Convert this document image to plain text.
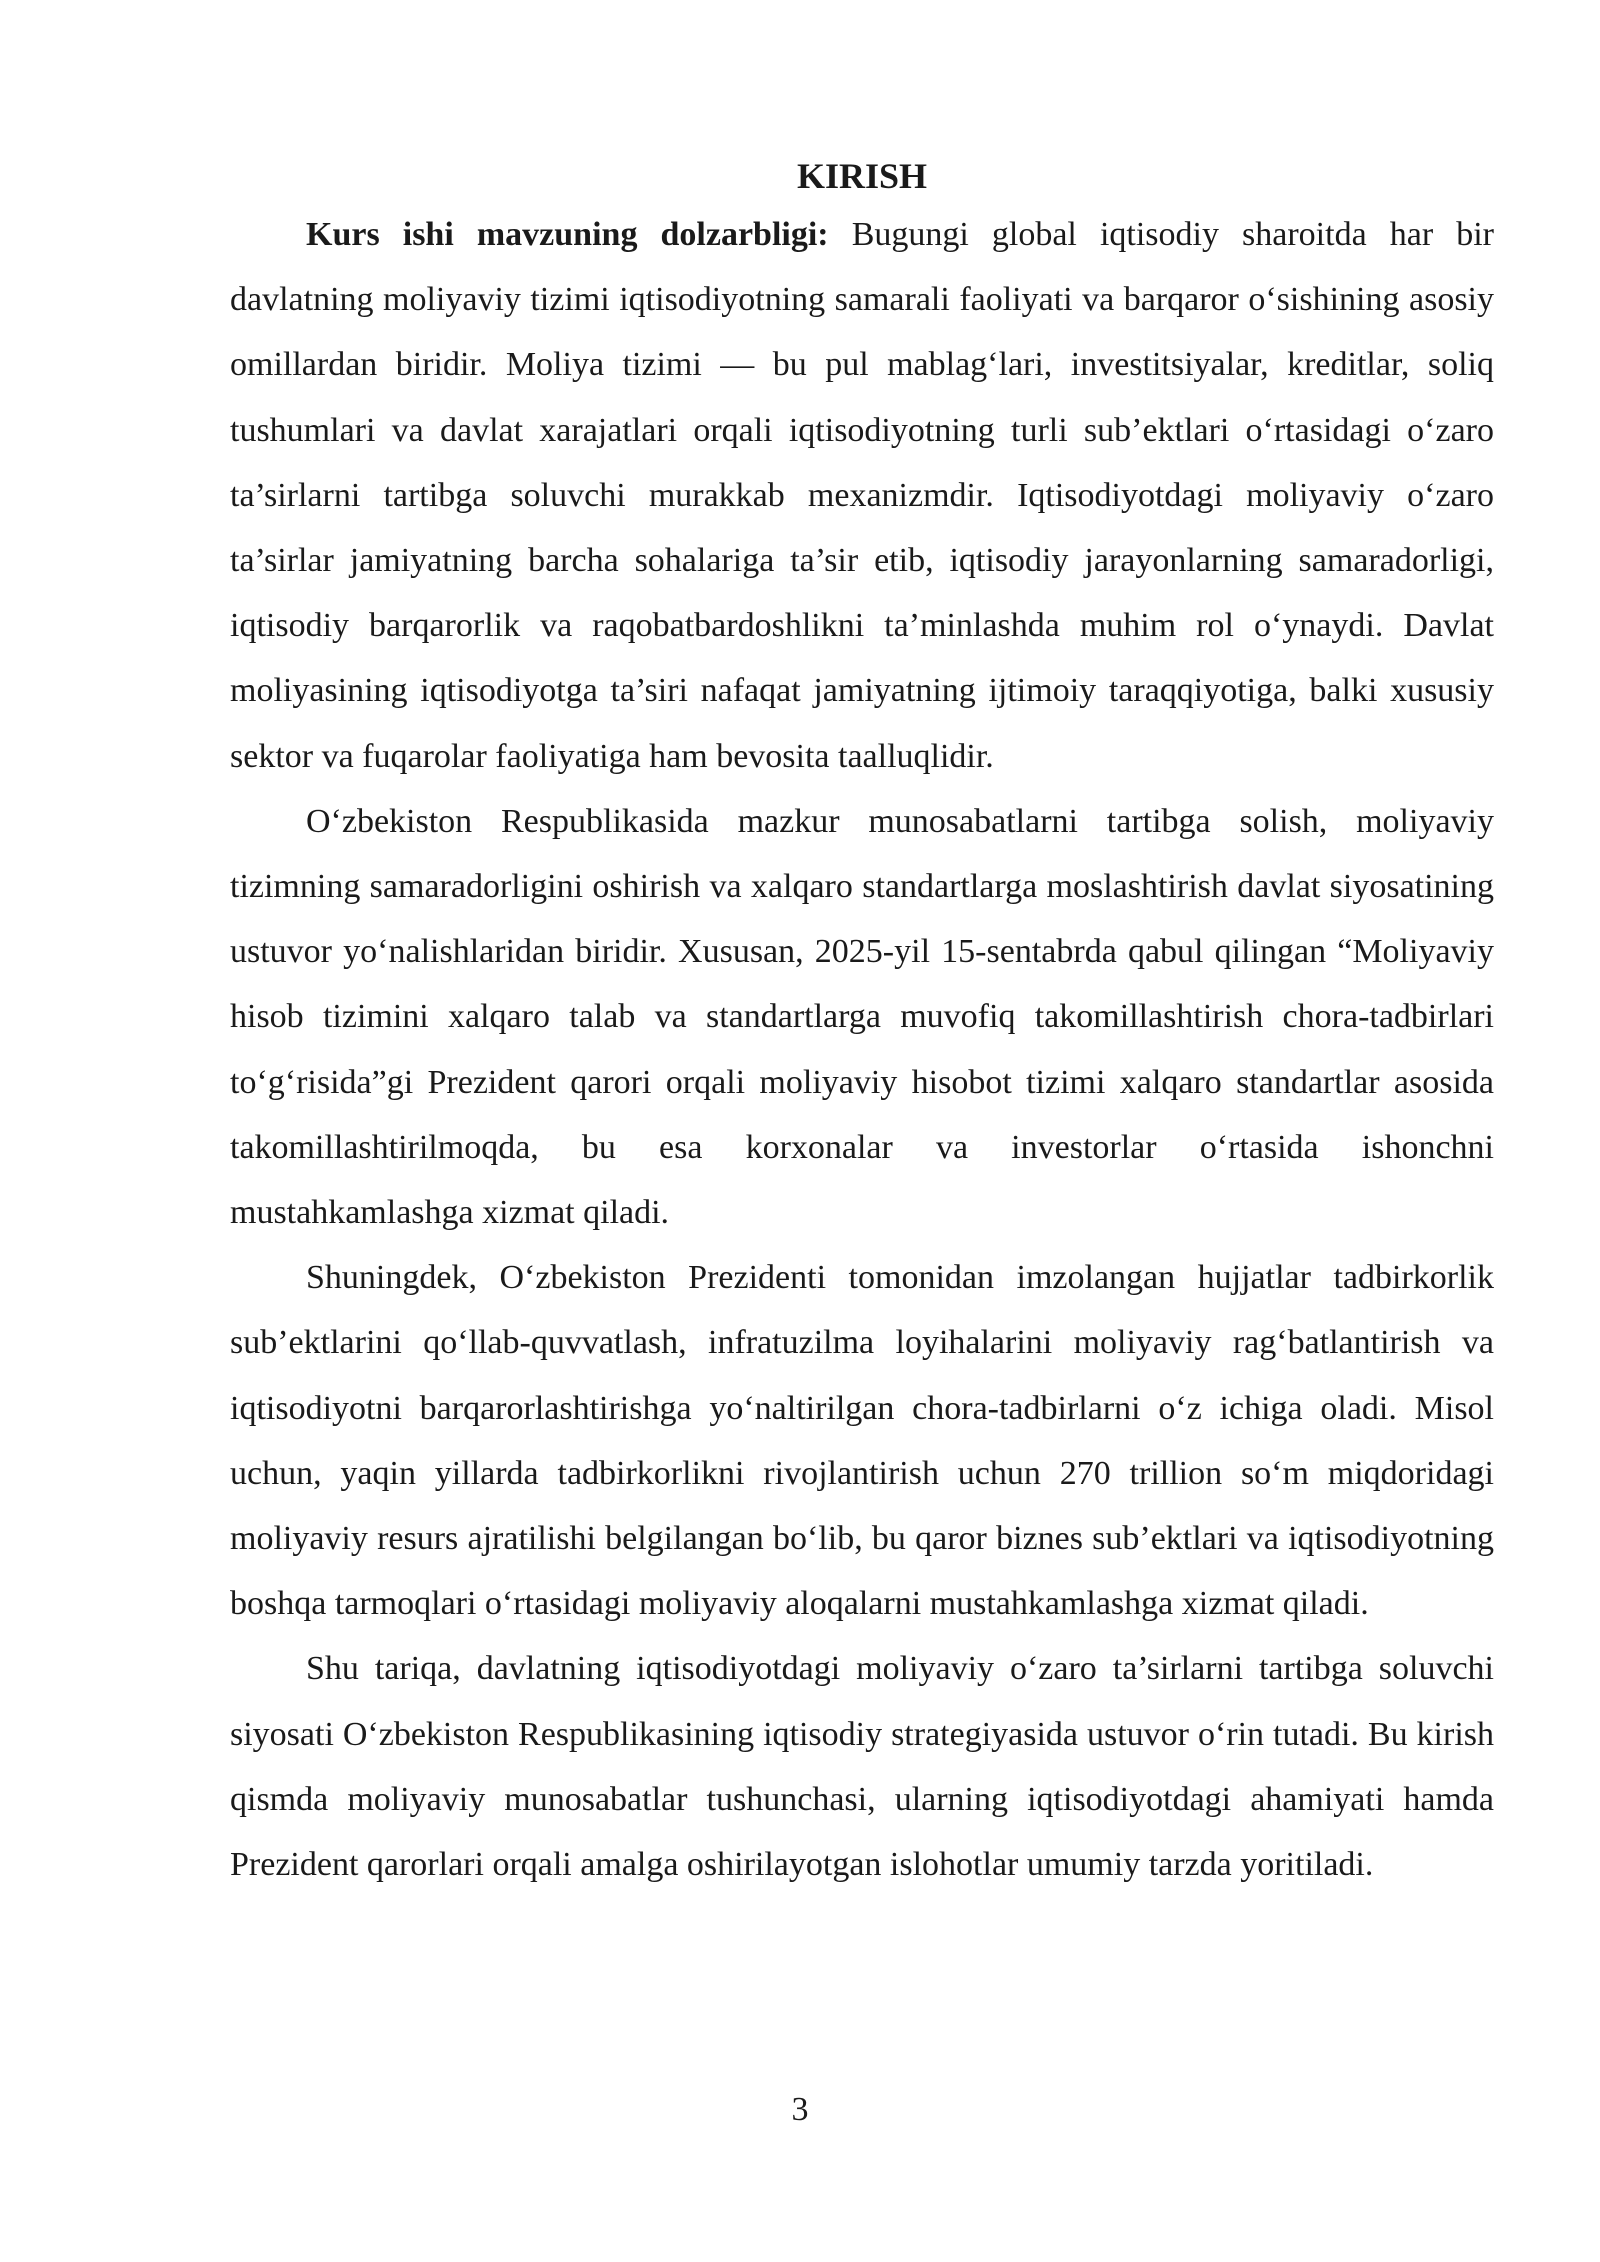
KIRISH

Kurs ishi mavzuning dolzarbligi: Bugungi global iqtisodiy sharoitda har bir davlatning moliyaviy tizimi iqtisodiyotning samarali faoliyati va barqaror o‘sishining asosiy omillardan biridir. Moliya tizimi — bu pul mablag‘lari, investitsiyalar, kreditlar, soliq tushumlari va davlat xarajatlari orqali iqtisodiyotning turli sub’ektlari o‘rtasidagi o‘zaro ta’sirlarni tartibga soluvchi murakkab mexanizmdir. Iqtisodiyotdagi moliyaviy o‘zaro ta’sirlar jamiyatning barcha sohalariga ta’sir etib, iqtisodiy jarayonlarning samaradorligi, iqtisodiy barqarorlik va raqobatbardoshlikni ta’minlashda muhim rol o‘ynaydi. Davlat moliyasining iqtisodiyotga ta’siri nafaqat jamiyatning ijtimoiy taraqqiyotiga, balki xususiy sektor va fuqarolar faoliyatiga ham bevosita taalluqlidir.

O‘zbekiston Respublikasida mazkur munosabatlarni tartibga solish, moliyaviy tizimning samaradorligini oshirish va xalqaro standartlarga moslashtirish davlat siyosatining ustuvor yo‘nalishlaridan biridir. Xususan, 2025-yil 15-sentabrda qabul qilingan “Moliyaviy hisob tizimini xalqaro talab va standartlarga muvofiq takomillashtirish chora-tadbirlari to‘g‘risida”gi Prezident qarori orqali moliyaviy hisobot tizimi xalqaro standartlar asosida takomillashtirilmoqda, bu esa korxonalar va investorlar o‘rtasida ishonchni mustahkamlashga xizmat qiladi.

Shuningdek, O‘zbekiston Prezidenti tomonidan imzolangan hujjatlar tadbirkorlik sub’ektlarini qo‘llab-quvvatlash, infratuzilma loyihalarini moliyaviy rag‘batlantirish va iqtisodiyotni barqarorlashtirishga yo‘naltirilgan chora-tadbirlarni o‘z ichiga oladi. Misol uchun, yaqin yillarda tadbirkorlikni rivojlantirish uchun 270 trillion so‘m miqdoridagi moliyaviy resurs ajratilishi belgilangan bo‘lib, bu qaror biznes sub’ektlari va iqtisodiyotning boshqa tarmoqlari o‘rtasidagi moliyaviy aloqalarni mustahkamlashga xizmat qiladi.

Shu tariqa, davlatning iqtisodiyotdagi moliyaviy o‘zaro ta’sirlarni tartibga soluvchi siyosati O‘zbekiston Respublikasining iqtisodiy strategiyasida ustuvor o‘rin tutadi. Bu kirish qismda moliyaviy munosabatlar tushunchasi, ularning iqtisodiyotdagi ahamiyati hamda Prezident qarorlari orqali amalga oshirilayotgan islohotlar umumiy tarzda yoritiladi.

3
